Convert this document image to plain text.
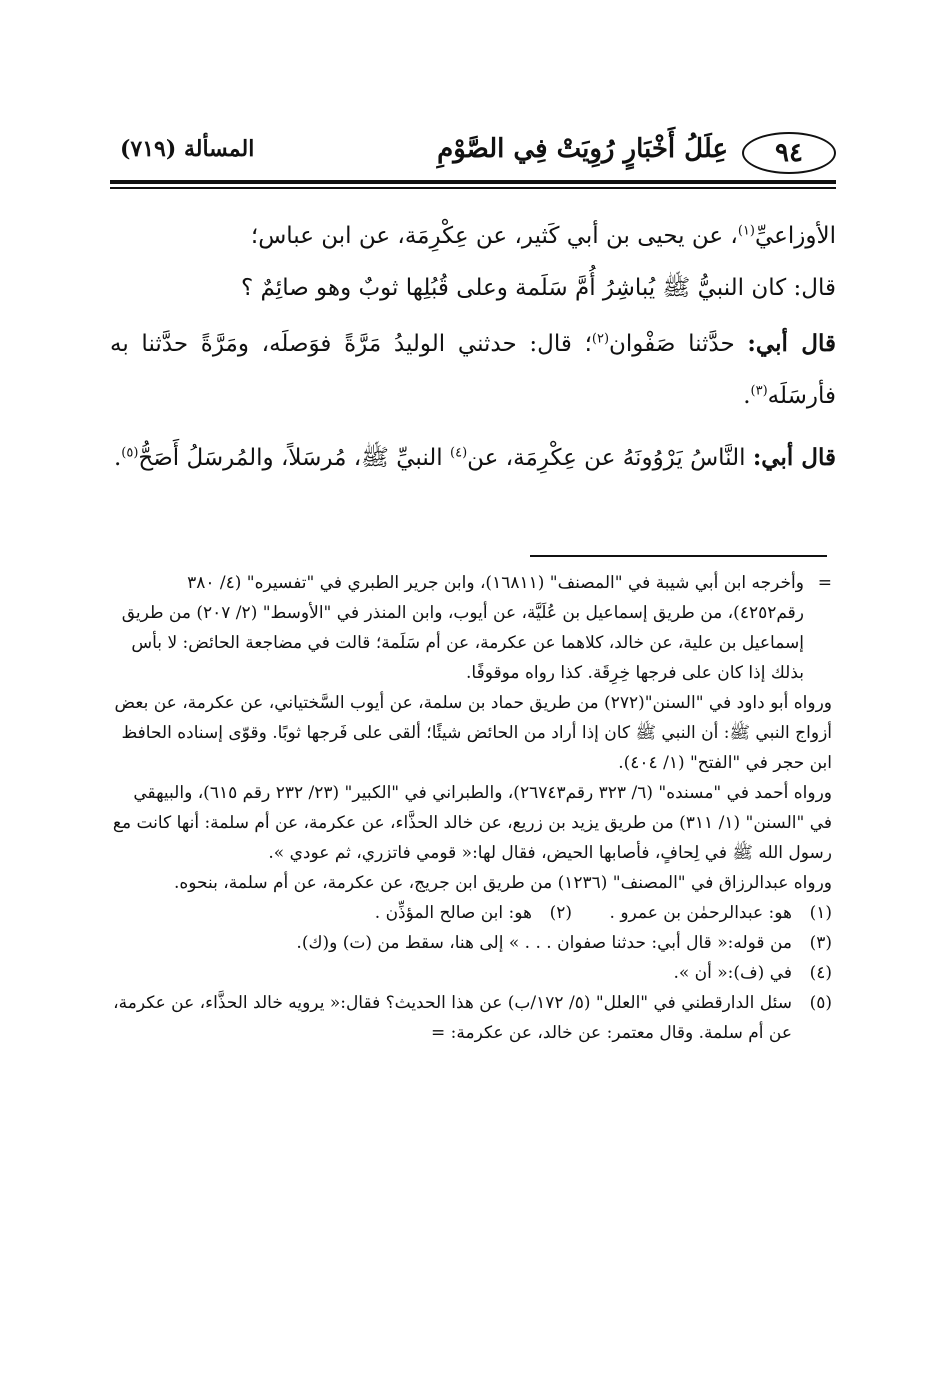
٩٤
عِلَلُ أَخْبَارٍ رُوِيَتْ فِي الصَّوْمِ
المسألة (٧١٩)

الأوزاعيِّ$^{(١)}$، عن يحيى بن أبي كَثير، عن عِكْرِمَة، عن ابن عباس؛

قال: كان النبيُّ ﷺ يُباشِرُ أُمَّ سَلَمة وعلى قُبُلِها ثوبٌ وهو صائِمٌ ؟

قال أبي: حدَّثنا صَفْوان$^{(٢)}$؛ قال: حدثني الوليدُ مَرَّةً فوَصلَه، ومَرَّةً حدَّثنا به فأرسَلَه$^{(٣)}$.

قال أبي: النَّاسُ يَرْوُونَهُ عن عِكْرِمَة، عن$^{(٤)}$ النبيِّ ﷺ، مُرسَلاً، والمُرسَلُ أَصَحُّ$^{(٥)}$.

=
وأخرجه ابن أبي شيبة في "المصنف" (١٦٨١١)، وابن جرير الطبري في "تفسيره" (٤/ ٣٨٠ رقم٤٢٥٢)، من طريق إسماعيل بن عُلَيَّة، عن أيوب، وابن المنذر في "الأوسط" (٢/ ٢٠٧) من طريق إسماعيل بن علية، عن خالد، كلاهما عن عكرمة، عن أم سَلَمة؛ قالت في مضاجعة الحائض: لا بأس بذلك إذا كان على فرجها خِرِقَة. كذا رواه موقوفًا.

ورواه أبو داود في "السنن"(٢٧٢) من طريق حماد بن سلمة، عن أيوب السَّختياني، عن عكرمة، عن بعض أزواج النبي ﷺ: أن النبي ﷺ كان إذا أراد من الحائض شيئًا؛ ألقى على فَرجها ثوبًا. وقوّى إسناده الحافظ ابن حجر في "الفتح" (١/ ٤٠٤).

ورواه أحمد في "مسنده" (٦/ ٣٢٣ رقم٢٦٧٤٣)، والطبراني في "الكبير" (٢٣/ ٢٣٢ رقم ٦١٥)، والبيهقي في "السنن" (١/ ٣١١) من طريق يزيد بن زريع، عن خالد الحذَّاء، عن عكرمة، عن أم سلمة: أنها كانت مع رسول الله ﷺ في لِحافٍ، فأصابها الحيض، فقال لها:« قومي فاتزري، ثم عودي ».

ورواه عبدالرزاق في "المصنف" (١٢٣٦) من طريق ابن جريج، عن عكرمة، عن أم سلمة، بنحوه.

(١)
هو: عبدالرحمٰن بن عمرو .
(٢)
هو: ابن صالح المؤذِّن .
(٣)
من قوله:« قال أبي: حدثنا صفوان . . . » إلى هنا، سقط من (ت) و(ك).
(٤)
في (ف):« أن ».
(٥)
سئل الدارقطني في "العلل" (٥/ ١٧٢/ب) عن هذا الحديث؟ فقال:« يرويه خالد الحذَّاء، عن عكرمة، عن أم سلمة. وقال معتمر: عن خالد، عن عكرمة: =
